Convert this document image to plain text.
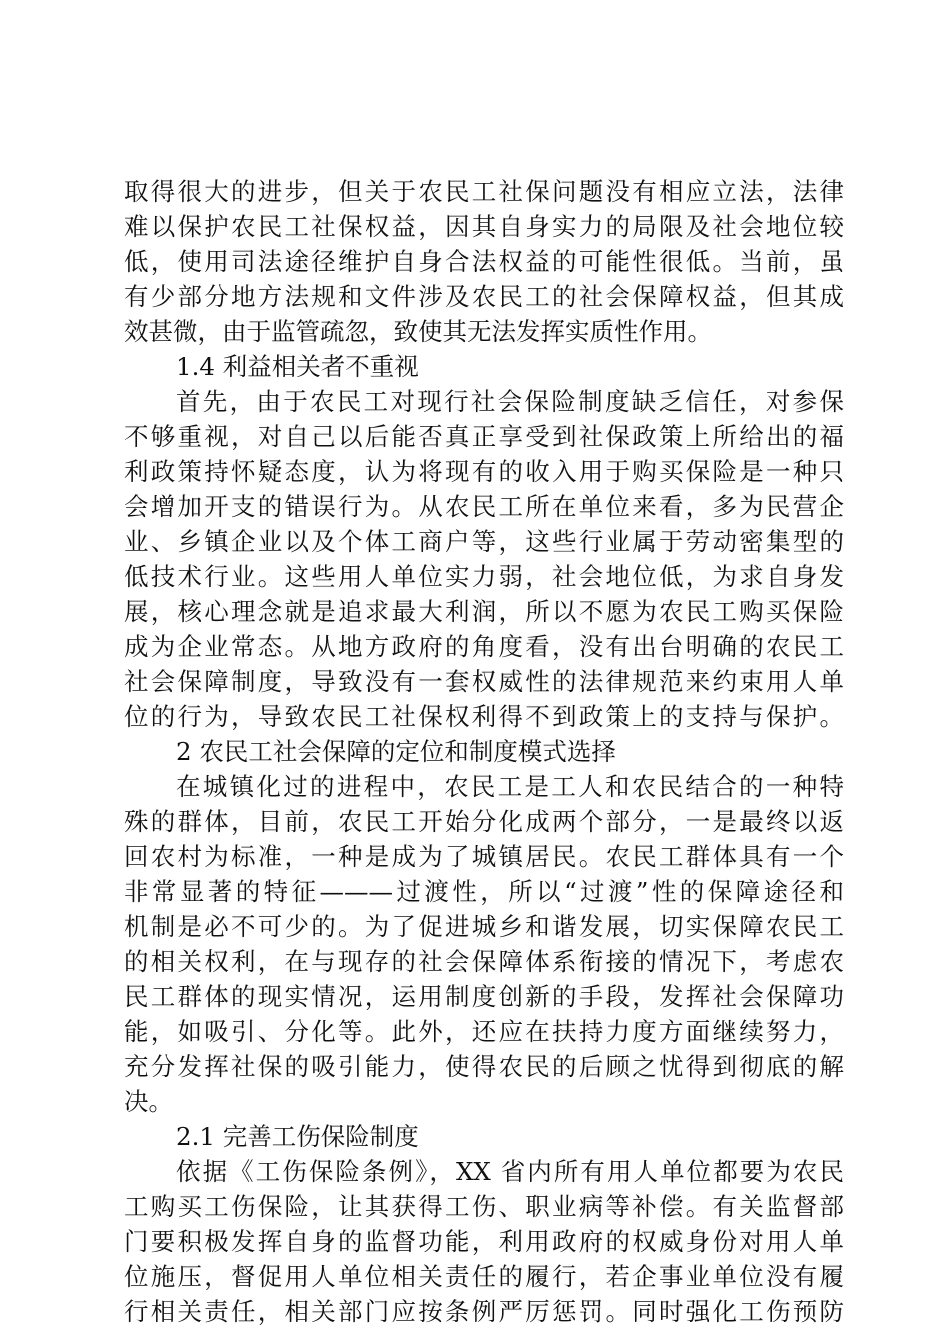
取得很大的进步，但关于农民工社保问题没有相应立法，法律
难以保护农民工社保权益，因其自身实力的局限及社会地位较
低，使用司法途径维护自身合法权益的可能性很低。当前，虽
有少部分地方法规和文件涉及农民工的社会保障权益，但其成
效甚微，由于监管疏忽，致使其无法发挥实质性作用。
1.4 利益相关者不重视
首先，由于农民工对现行社会保险制度缺乏信任，对参保
不够重视，对自己以后能否真正享受到社保政策上所给出的福
利政策持怀疑态度，认为将现有的收入用于购买保险是一种只
会增加开支的错误行为。从农民工所在单位来看，多为民营企
业、乡镇企业以及个体工商户等，这些行业属于劳动密集型的
低技术行业。这些用人单位实力弱，社会地位低，为求自身发
展，核心理念就是追求最大利润，所以不愿为农民工购买保险
成为企业常态。从地方政府的角度看，没有出台明确的农民工
社会保障制度，导致没有一套权威性的法律规范来约束用人单
位的行为，导致农民工社保权利得不到政策上的支持与保护。
2 农民工社会保障的定位和制度模式选择
在城镇化过的进程中，农民工是工人和农民结合的一种特
殊的群体，目前，农民工开始分化成两个部分，一是最终以返
回农村为标准，一种是成为了城镇居民。农民工群体具有一个
非常显著的特征———过渡性，所以“过渡”性的保障途径和
机制是必不可少的。为了促进城乡和谐发展，切实保障农民工
的相关权利，在与现存的社会保障体系衔接的情况下，考虑农
民工群体的现实情况，运用制度创新的手段，发挥社会保障功
能，如吸引、分化等。此外，还应在扶持力度方面继续努力，
充分发挥社保的吸引能力，使得农民的后顾之忧得到彻底的解
决。
2.1 完善工伤保险制度
依据《工伤保险条例》，XX 省内所有用人单位都要为农民
工购买工伤保险，让其获得工伤、职业病等补偿。有关监督部
门要积极发挥自身的监督功能，利用政府的权威身份对用人单
位施压，督促用人单位相关责任的履行，若企事业单位没有履
行相关责任，相关部门应按条例严厉惩罚。同时强化工伤预防
